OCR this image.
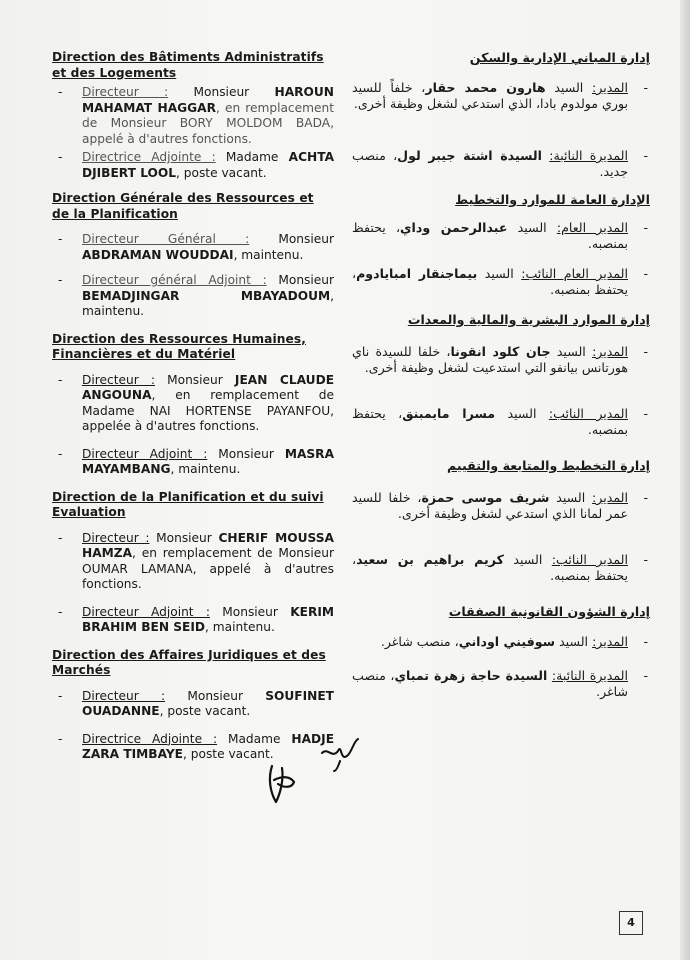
Direction des Bâtiments Administratifs et des Logements
- Directeur : Monsieur HAROUN MAHAMAT HAGGAR, en remplacement de Monsieur BORY MOLDOM BADA, appelé à d'autres fonctions.
- Directrice Adjointe : Madame ACHTA DJIBERT LOOL, poste vacant.
Direction Générale des Ressources et de la Planification
- Directeur Général : Monsieur ABDRAMAN WOUDDAI, maintenu.
- Directeur général Adjoint : Monsieur BEMADJINGAR MBAYADOUM, maintenu.
Direction des Ressources Humaines, Financières et du Matériel
- Directeur : Monsieur JEAN CLAUDE ANGOUNA, en remplacement de Madame NAI HORTENSE PAYANFOU, appelée à d'autres fonctions.
- Directeur Adjoint : Monsieur MASRA MAYAMBANG, maintenu.
Direction de la Planification et du suivi Evaluation
- Directeur : Monsieur CHERIF MOUSSA HAMZA, en remplacement de Monsieur OUMAR LAMANA, appelé à d'autres fonctions.
- Directeur Adjoint : Monsieur KERIM BRAHIM BEN SEID, maintenu.
Direction des Affaires Juridiques et des Marchés
- Directeur : Monsieur SOUFINET OUADANNE, poste vacant.
- Directrice Adjointe : Madame HADJE ZARA TIMBAYE, poste vacant.
إدارة المباني الإدارية والسكن
-
المدير: السيد هارون محمد حقار، خلفاً للسيد بوري مولدوم بادا، الذي استدعي لشغل وظيفة أخرى.
-
المديرة النائبة: السيدة اشتة جيبر لول، منصب جديد.
الإدارة العامة للموارد والتخطيط
-
المدير العام: السيد عبدالرحمن وداي، يحتفظ بمنصبه.
-
المدير العام النائب: السيد بيماجنقار امبايادوم، يحتفظ بمنصبه.
إدارة الموارد البشرية والمالية والمعدات
-
المدير: السيد جان كلود انقونا، خلفا للسيدة ناي هورتانس بيانفو التي استدعيت لشغل وظيفة أخرى.
-
المدير النائب: السيد مسرا مايمبنق، يحتفظ بمنصبه.
إدارة التخطيط والمتابعة والتقييم
-
المدير: السيد شريف موسى حمزة، خلفا للسيد عمر لمانا الذي استدعي لشغل وظيفة أخرى.
-
المدير النائب: السيد كريم براهيم بن سعيد، يحتفظ بمنصبه.
إدارة الشؤون القانونية الصفقات
-
المدير: السيد سوفيني اوداني، منصب شاغر.
-
المديرة النائبة: السيدة حاجة زهرة تمباي، منصب شاغر.
4
